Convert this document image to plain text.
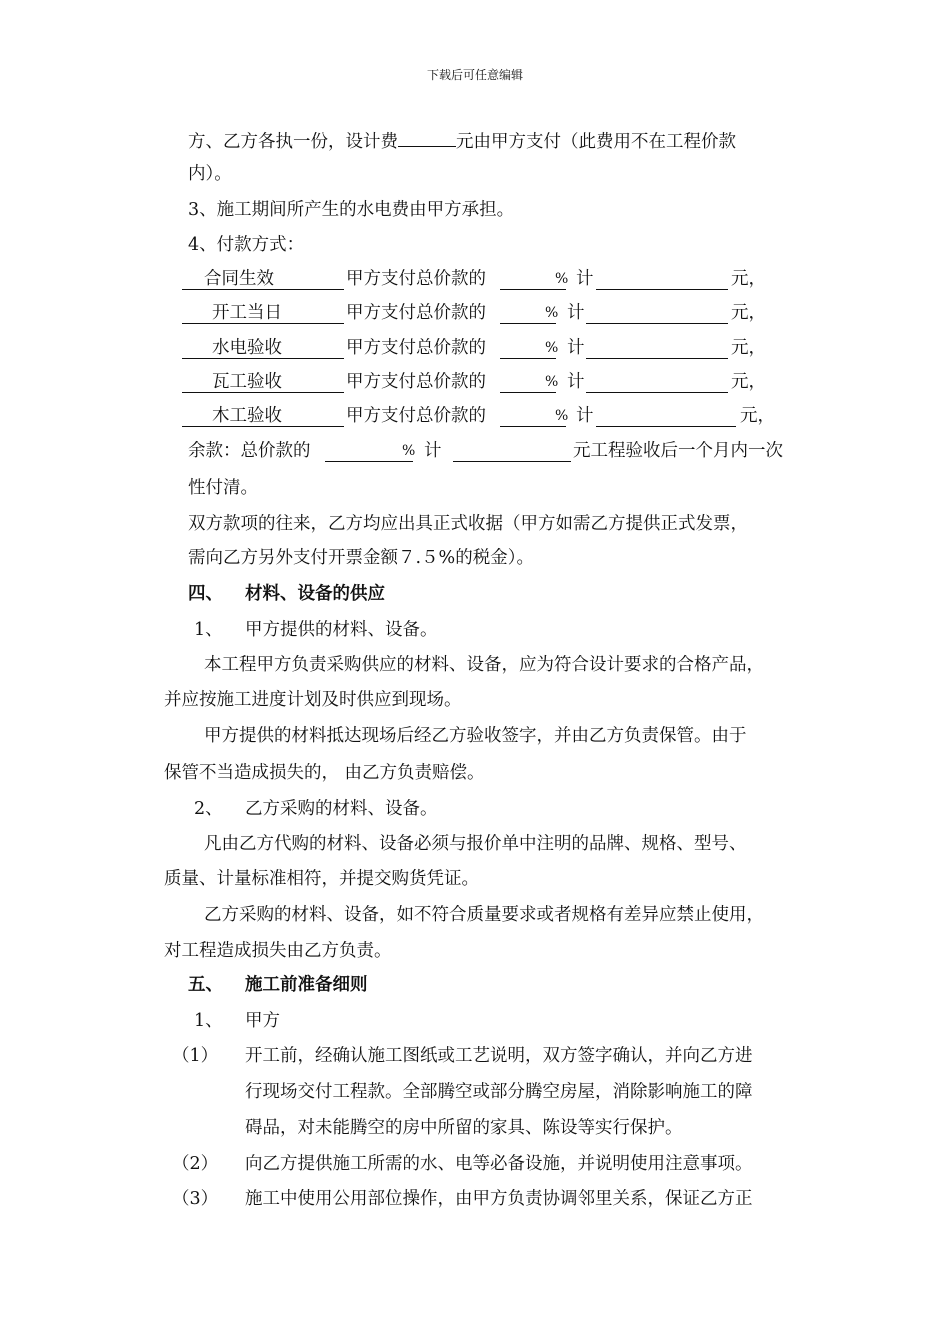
下载后可任意编辑
方、乙方各执一份，设计费	元由甲方支付（此费用不在工程价款
内）。
3、施工期间所产生的水电费由甲方承担。
4、付款方式：
合同生效	甲方支付总价款的	% 计	元，
开工当日	甲方支付总价款的	% 计	元，
水电验收	甲方支付总价款的	% 计	元，
瓦工验收	甲方支付总价款的	% 计	元，
木工验收	甲方支付总价款的	% 计	元，
余款：总价款的	% 计	元工程验收后一个月内一次
性付清。
双方款项的往来，乙方均应出具正式收据（甲方如需乙方提供正式发票，
需向乙方另外支付开票金额７.５%的税金）。
四、 材料、设备的供应
1、 甲方提供的材料、设备。
本工程甲方负责采购供应的材料、设备，应为符合设计要求的合格产品，
并应按施工进度计划及时供应到现场。
甲方提供的材料抵达现场后经乙方验收签字，并由乙方负责保管。由于
保管不当造成损失的， 由乙方负责赔偿。
2、 乙方采购的材料、设备。
凡由乙方代购的材料、设备必须与报价单中注明的品牌、规格、型号、
质量、计量标准相符，并提交购货凭证。
乙方采购的材料、设备，如不符合质量要求或者规格有差异应禁止使用，
对工程造成损失由乙方负责。
五、 施工前准备细则
1、 甲方
（1） 开工前，经确认施工图纸或工艺说明，双方签字确认，并向乙方进
行现场交付工程款。全部腾空或部分腾空房屋，消除影响施工的障
碍品，对未能腾空的房中所留的家具、陈设等实行保护。
（2） 向乙方提供施工所需的水、电等必备设施，并说明使用注意事项。
（3） 施工中使用公用部位操作，由甲方负责协调邻里关系，保证乙方正
